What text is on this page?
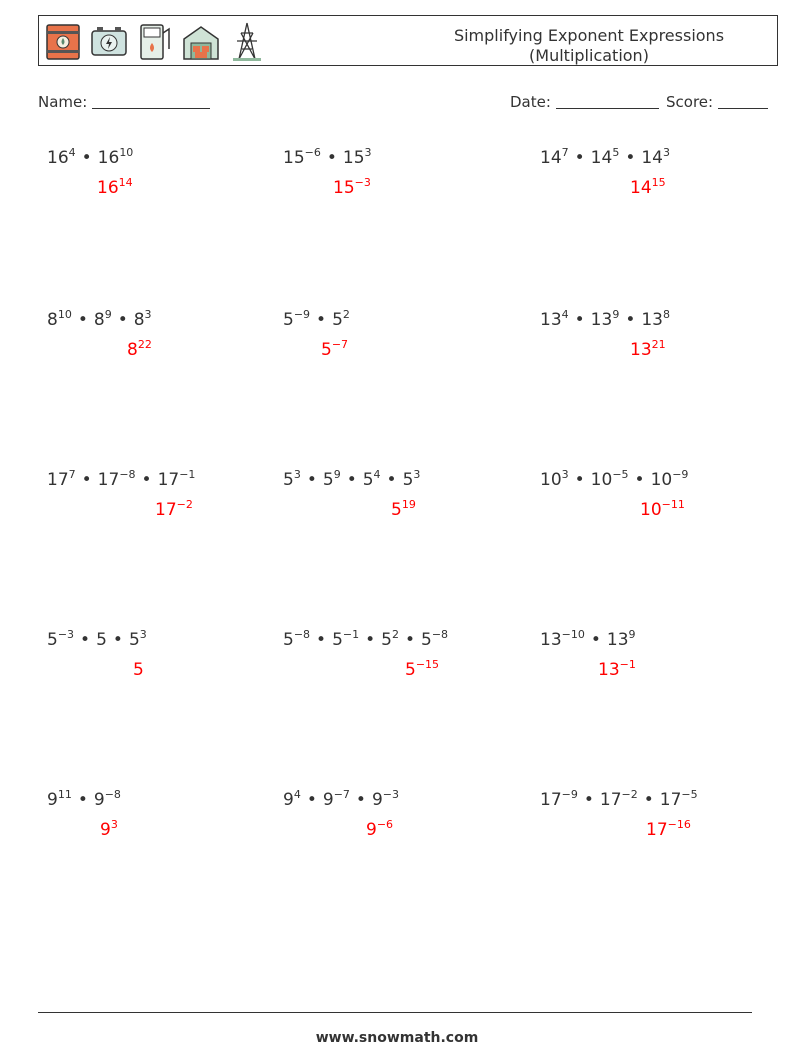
Simplifying Exponent Expressions
(Multiplication)
Name:	Date:	Score:
$16^4$ • $16^{10}$
$16^{14}$
$15^{-6}$ • $15^3$
$15^{-3}$
$14^7$ • $14^5$ • $14^3$
$14^{15}$
$8^{10}$ • $8^9$ • $8^3$
$8^{22}$
$5^{-9}$ • $5^2$
$5^{-7}$
$13^4$ • $13^9$ • $13^8$
$13^{21}$
$17^7$ • $17^{-8}$ • $17^{-1}$
$17^{-2}$
$5^3$ • $5^9$ • $5^4$ • $5^3$
$5^{19}$
$10^3$ • $10^{-5}$ • $10^{-9}$
$10^{-11}$
$5^{-3}$ • 5 • $5^3$
5
$5^{-8}$ • $5^{-1}$ • $5^2$ • $5^{-8}$
$5^{-15}$
$13^{-10}$ • $13^9$
$13^{-1}$
$9^{11}$ • $9^{-8}$
$9^3$
$9^4$ • $9^{-7}$ • $9^{-3}$
$9^{-6}$
$17^{-9}$ • $17^{-2}$ • $17^{-5}$
$17^{-16}$
www.snowmath.com
